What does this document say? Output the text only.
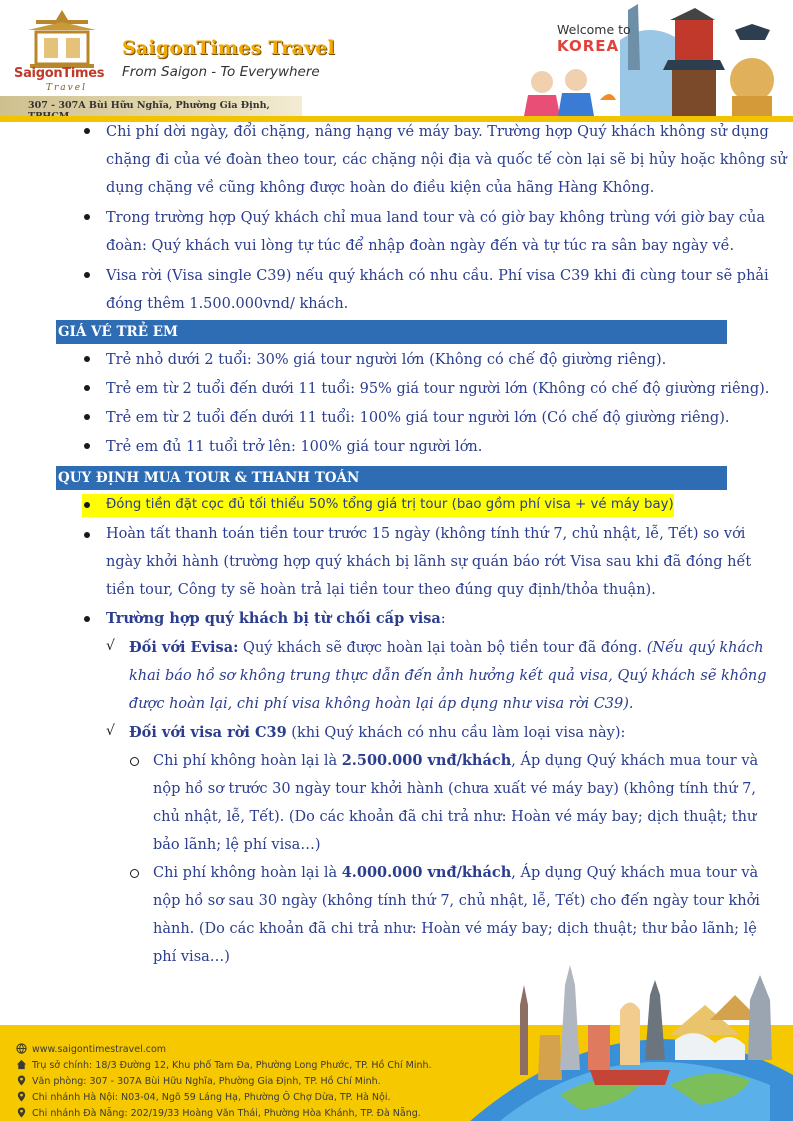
SaigonTimes
Travel
SaigonTimes Travel
From Saigon - To Everywhere
307 - 307A Bùi Hữu Nghĩa, Phường Gia Định,
Welcome to
KOREA
Chi phí dời ngày, đổi chặng, nâng hạng vé máy bay. Trường hợp Quý khách không sử dụng
chặng đi của vé đoàn theo tour, các chặng nội địa và quốc tế còn lại sẽ bị hủy hoặc không sử
dụng chặng về cũng không được hoàn do điều kiện của hãng Hàng Không.
Trong trường hợp Quý khách chỉ mua land tour và có giờ bay không trùng với giờ bay của
đoàn: Quý khách vui lòng tự túc để nhập đoàn ngày đến và tự túc ra sân bay ngày về.
Visa rời (Visa single C39) nếu quý khách có nhu cầu. Phí visa C39 khi đi cùng tour sẽ phải
đóng thêm 1.500.000vnd/ khách.
GIÁ VÉ TRẺ EM
Trẻ nhỏ dưới 2 tuổi: 30% giá tour người lớn (Không có chế độ giường riêng).
Trẻ em từ 2 tuổi đến dưới 11 tuổi: 95% giá tour người lớn (Không có chế độ giường riêng).
Trẻ em từ 2 tuổi đến dưới 11 tuổi: 100% giá tour người lớn (Có chế độ giường riêng).
Trẻ em đủ 11 tuổi trở lên: 100% giá tour người lớn.
QUY ĐỊNH MUA TOUR & THANH TOÁN
Đóng tiền đặt cọc đủ tối thiểu 50% tổng giá trị tour (bao gồm phí visa + vé máy bay)
Hoàn tất thanh toán tiền tour trước 15 ngày (không tính thứ 7, chủ nhật, lễ, Tết) so với
ngày khởi hành (trường hợp quý khách bị lãnh sự quán báo rớt Visa sau khi đã đóng hết
tiền tour, Công ty sẽ hoàn trả lại tiền tour theo đúng quy định/thỏa thuận).
Trường hợp quý khách bị từ chối cấp visa:
√ Đối với Evisa: Quý khách sẽ được hoàn lại toàn bộ tiền tour đã đóng. (Nếu quý khách
khai báo hồ sơ không trung thực dẫn đến ảnh hưởng kết quả visa, Quý khách sẽ không
được hoàn lại, chi phí visa không hoàn lại áp dụng như visa rời C39).
√ Đối với visa rời C39 (khi Quý khách có nhu cầu làm loại visa này):
Chi phí không hoàn lại là 2.500.000 vnđ/khách, Áp dụng Quý khách mua tour và
nộp hồ sơ trước 30 ngày tour khởi hành (chưa xuất vé máy bay) (không tính thứ 7,
chủ nhật, lễ, Tết). (Do các khoản đã chi trả như: Hoàn vé máy bay; dịch thuật; thư
bảo lãnh; lệ phí visa…)
Chi phí không hoàn lại là 4.000.000 vnđ/khách, Áp dụng Quý khách mua tour và
nộp hồ sơ sau 30 ngày (không tính thứ 7, chủ nhật, lễ, Tết) cho đến ngày tour khởi
hành. (Do các khoản đã chi trả như: Hoàn vé máy bay; dịch thuật; thư bảo lãnh; lệ
phí visa…)
www.saigontimestravel.com
Trụ sở chính: 18/3 Đường 12, Khu phố Tam Đa, Phường Long Phước, TP. Hồ Chí Minh.
Văn phòng: 307 - 307A Bùi Hữu Nghĩa, Phường Gia Định, TP. Hồ Chí Minh.
Chi nhánh Hà Nội: N03-04, Ngõ 59 Láng Hạ, Phường Ô Chợ Dừa, TP. Hà Nội.
Chi nhánh Đà Nẵng: 202/19/33 Hoàng Văn Thái, Phường Hòa Khánh, TP. Đà Nẵng.
